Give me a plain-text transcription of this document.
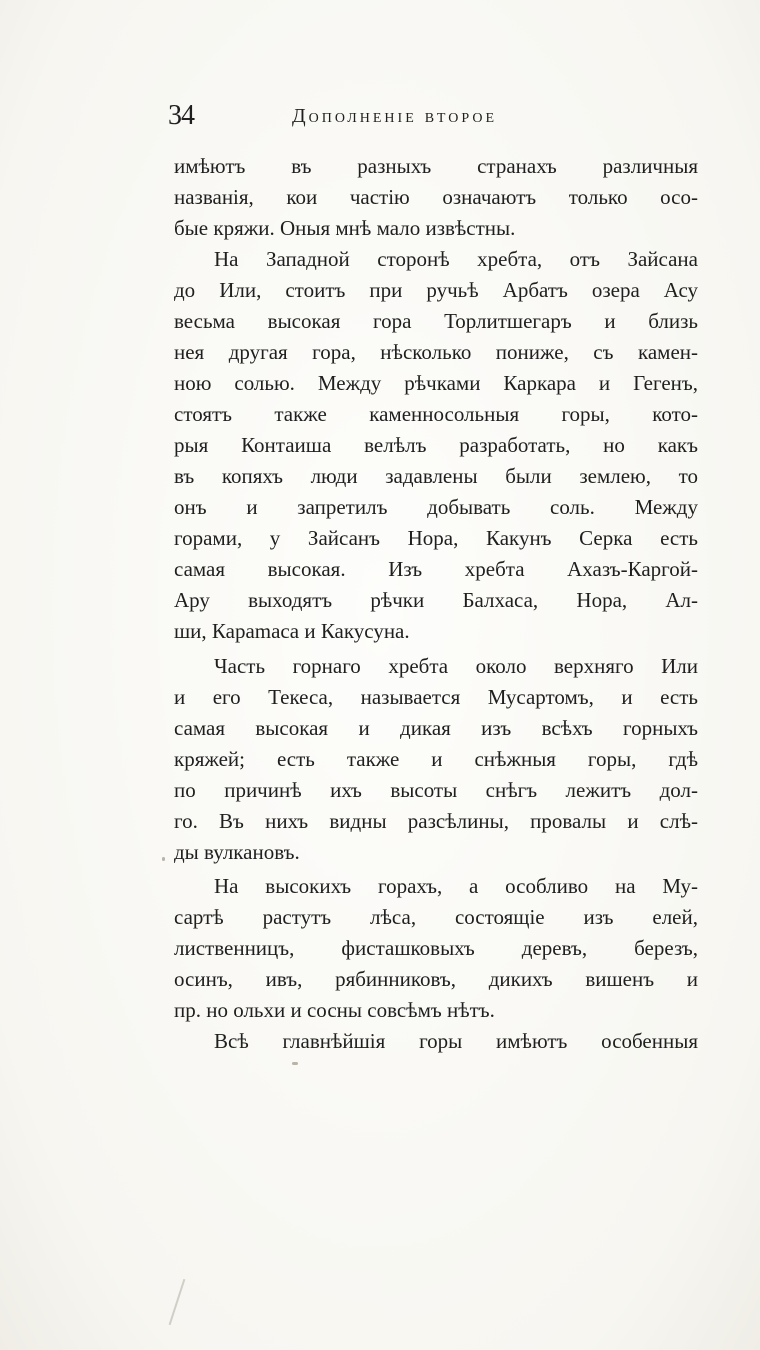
34	Дополненiе второе
имѣютъ въ разныхъ странахъ различныя
названiя, кои частiю означаютъ только осо-
бые кряжи. Оныя мнѣ мало извѣстны.
На Западной сторонѣ хребта, отъ Зайсана
до Или, стоитъ при ручьѣ Арбатъ озера Асу
весьма высокая гора Торлитшегаръ и близь
нея другая гора, нѣсколько пониже, съ камен-
ною солью. Между рѣчками Каркара и Гегенъ,
стоятъ также каменносольныя горы, кото-
рыя Контаиша велѣлъ разработать, но какъ
въ копяхъ люди задавлены были землею, то
онъ и запретилъ добывать соль. Между
горами, у Зайсанъ Нора, Какунъ Серка есть
самая высокая. Изъ хребта Ахазъ-Каргой-
Ару выходятъ рѣчки Балхаса, Нора, Ал-
ши, Караmaca и Какусуна.
Часть горнаго хребта около верхняго Или
и его Текеса, называется Мусартомъ, и есть
самая высокая и дикая изъ всѣхъ горныхъ
кряжей; есть также и снѣжныя горы, гдѣ
по причинѣ ихъ высоты снѣгъ лежитъ дол-
го. Въ нихъ видны разсѣлины, провалы и слѣ-
ды вулкановъ.
На высокихъ горахъ, а особливо на Му-
сартѣ растутъ лѣса, состоящiе изъ елей,
лиственницъ, фисташковыхъ деревъ, березъ,
осинъ, ивъ, рябинниковъ, дикихъ вишенъ и
пр. но ольхи и сосны совсѣмъ нѣтъ.
Всѣ главнѣйшiя горы имѣютъ особенныя
